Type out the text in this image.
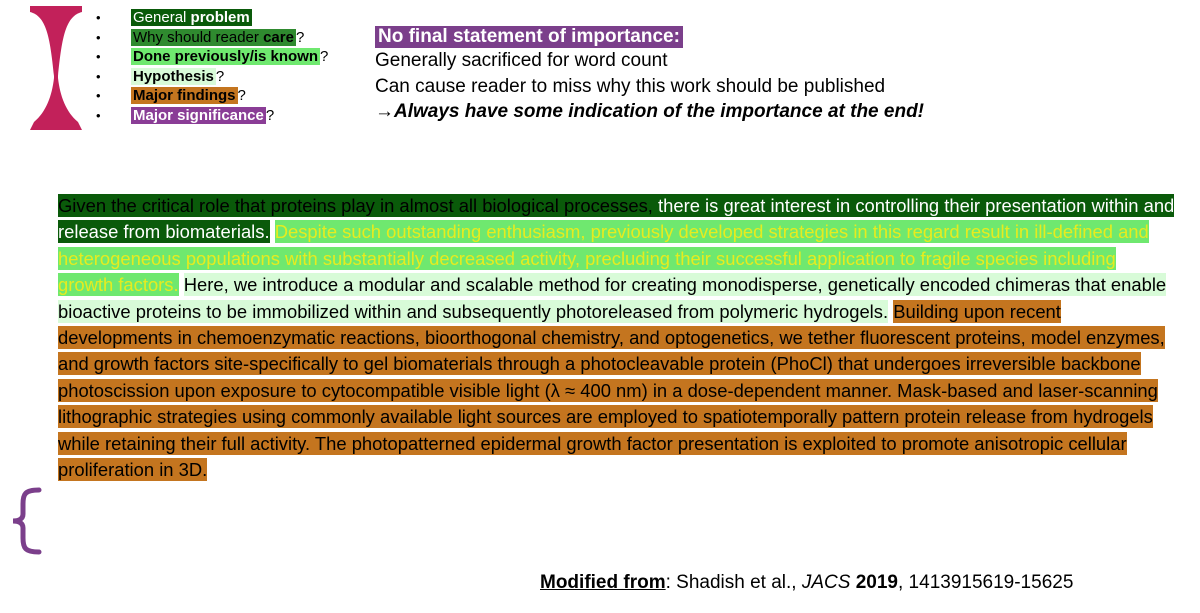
• General problem
• Why should reader care ?
• Done previously/is known ?
• Hypothesis ?
• Major findings ?
• Major significance ?
No final statement of importance:
Generally sacrificed for word count
Can cause reader to miss why this work should be published
→Always have some indication of the importance at the end!

Given the critical role that proteins play in almost all biological processes, there is great interest in controlling their presentation within and release from biomaterials. Despite such outstanding enthusiasm, previously developed strategies in this regard result in ill-defined and heterogeneous populations with substantially decreased activity, precluding their successful application to fragile species including growth factors. Here, we introduce a modular and scalable method for creating monodisperse, genetically encoded chimeras that enable bioactive proteins to be immobilized within and subsequently photoreleased from polymeric hydrogels. Building upon recent developments in chemoenzymatic reactions, bioorthogonal chemistry, and optogenetics, we tether fluorescent proteins, model enzymes, and growth factors site-specifically to gel biomaterials through a photocleavable protein (PhoCl) that undergoes irreversible backbone photoscission upon exposure to cytocompatible visible light (λ ≈ 400 nm) in a dose-dependent manner. Mask-based and laser-scanning lithographic strategies using commonly available light sources are employed to spatiotemporally pattern protein release from hydrogels while retaining their full activity. The photopatterned epidermal growth factor presentation is exploited to promote anisotropic cellular proliferation in 3D.

Modified from: Shadish et al., JACS 2019, 1413915619-15625
